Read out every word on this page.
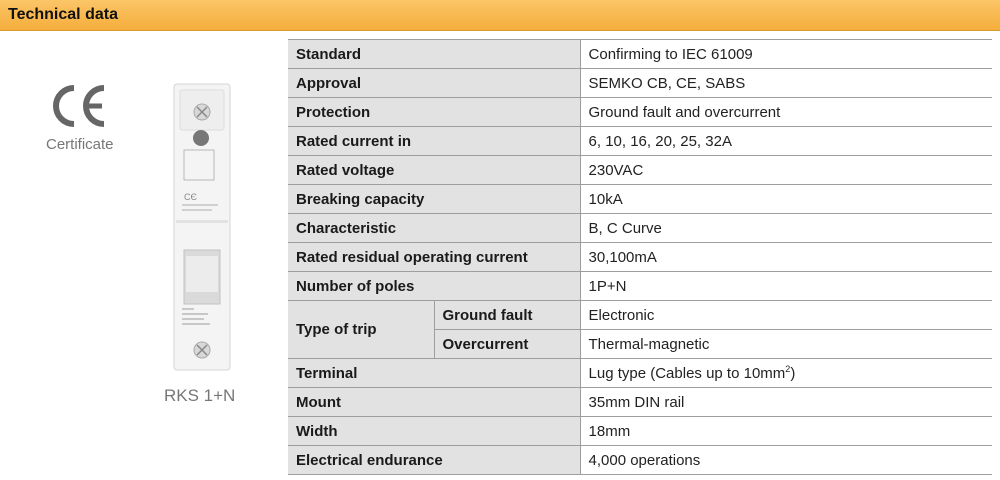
Technical data
Certificate
CЄ
RKS 1+N
Standard		Confirming to IEC 61009
Approval		SEMKO CB, CE, SABS
Protection		Ground fault and overcurrent
Rated current in		6, 10, 16, 20, 25, 32A
Rated voltage		230VAC
Breaking capacity		10kA
Characteristic		B, C Curve
Rated residual operating current		30,100mA
Number of poles		1P+N
Type of trip	Ground fault	Electronic
	Overcurrent	Thermal-magnetic
Terminal		Lug type (Cables up to $10mm^2$)
Mount		35mm DIN rail
Width		18mm
Electrical endurance		4,000 operations
